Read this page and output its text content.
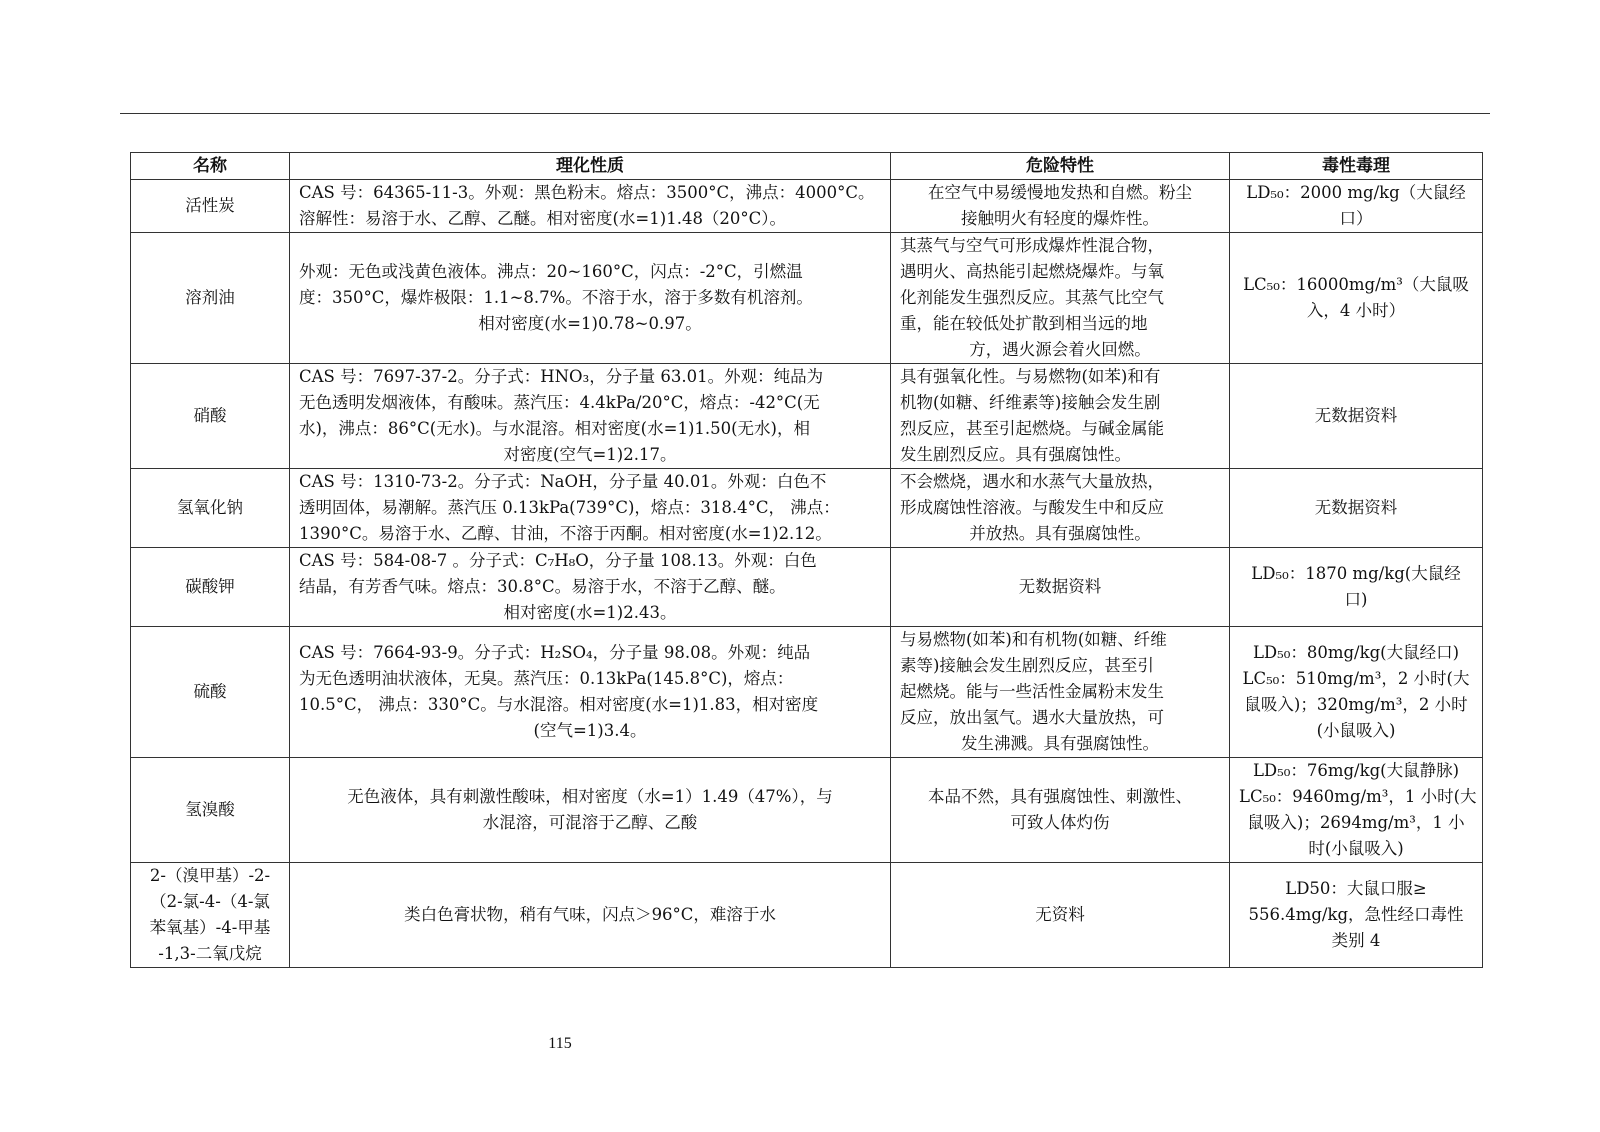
名称	理化性质	危险特性	毒性毒理

活性炭	CAS 号：64365-11-3。外观：黑色粉末。熔点：3500°C，沸点：4000°C。
溶解性：易溶于水、乙醇、乙醚。相对密度(水=1)1.48（20°C）。	在空气中易缓慢地发热和自燃。粉尘
接触明火有轻度的爆炸性。	LD₅₀：2000 mg/kg（大鼠经
口）

溶剂油	外观：无色或浅黄色液体。沸点：20~160°C，闪点：-2°C，引燃温
度：350°C，爆炸极限：1.1~8.7%。不溶于水，溶于多数有机溶剂。
相对密度(水=1)0.78~0.97。	其蒸气与空气可形成爆炸性混合物，
遇明火、高热能引起燃烧爆炸。与氧
化剂能发生强烈反应。其蒸气比空气
重，能在较低处扩散到相当远的地
方，遇火源会着火回燃。	LC₅₀：16000mg/m³（大鼠吸
入，4 小时）

硝酸	CAS 号：7697-37-2。分子式：HNO₃，分子量 63.01。外观：纯品为
无色透明发烟液体，有酸味。蒸汽压：4.4kPa/20°C，熔点：-42°C(无
水)，沸点：86°C(无水)。与水混溶。相对密度(水=1)1.50(无水)，相
对密度(空气=1)2.17。	具有强氧化性。与易燃物(如苯)和有
机物(如糖、纤维素等)接触会发生剧
烈反应，甚至引起燃烧。与碱金属能
发生剧烈反应。具有强腐蚀性。	无数据资料

氢氧化钠	CAS 号：1310-73-2。分子式：NaOH，分子量 40.01。外观：白色不
透明固体，易潮解。蒸汽压 0.13kPa(739°C)，熔点：318.4°C， 沸点：
1390°C。易溶于水、乙醇、甘油，不溶于丙酮。相对密度(水=1)2.12。	不会燃烧，遇水和水蒸气大量放热，
形成腐蚀性溶液。与酸发生中和反应
并放热。具有强腐蚀性。	无数据资料

碳酸钾	CAS 号：584-08-7 。分子式：C₇H₈O，分子量 108.13。外观：白色
结晶，有芳香气味。熔点：30.8°C。易溶于水，不溶于乙醇、醚。
相对密度(水=1)2.43。	无数据资料	LD₅₀：1870 mg/kg(大鼠经
口)

硫酸	CAS 号：7664-93-9。分子式：H₂SO₄，分子量 98.08。外观：纯品
为无色透明油状液体，无臭。蒸汽压：0.13kPa(145.8°C)，熔点：
10.5°C， 沸点：330°C。与水混溶。相对密度(水=1)1.83，相对密度
(空气=1)3.4。	与易燃物(如苯)和有机物(如糖、纤维
素等)接触会发生剧烈反应，甚至引
起燃烧。能与一些活性金属粉末发生
反应，放出氢气。遇水大量放热，可
发生沸溅。具有强腐蚀性。	LD₅₀：80mg/kg(大鼠经口)
LC₅₀：510mg/m³，2 小时(大
鼠吸入)；320mg/m³，2 小时
(小鼠吸入)

氢溴酸	无色液体，具有刺激性酸味，相对密度（水=1）1.49（47%），与
水混溶，可混溶于乙醇、乙酸	本品不然，具有强腐蚀性、刺激性、
可致人体灼伤	LD₅₀：76mg/kg(大鼠静脉)
LC₅₀：9460mg/m³，1 小时(大
鼠吸入)；2694mg/m³，1 小
时(小鼠吸入)

2-（溴甲基）-2-
（2-氯-4-（4-氯
苯氧基）-4-甲基
-1,3-二氧戊烷	类白色膏状物，稍有气味，闪点＞96°C，难溶于水	无资料	LD50：大鼠口服≥
556.4mg/kg，急性经口毒性
类别 4
115
